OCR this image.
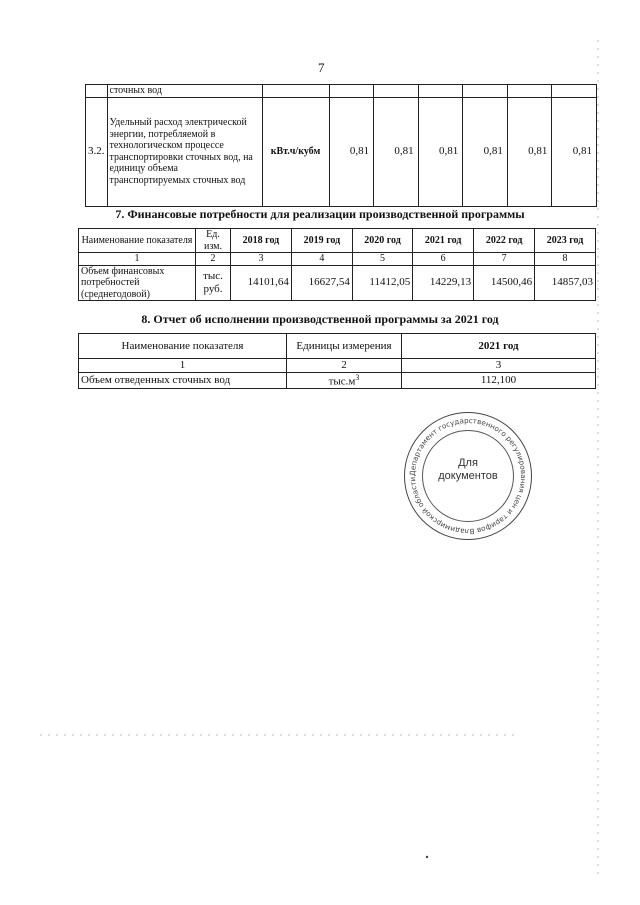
7
	сточных вод							
3.2.	Удельный расход электрической энергии, потребляемой в технологическом процессе транспортировки сточных вод, на единицу объема транспортируемых сточных вод	кВт.ч/кубм	0,81	0,81	0,81	0,81	0,81	0,81
7. Финансовые потребности для реализации производственной программы
Наименование показателя	Ед. изм.	2018 год	2019 год	2020 год	2021 год	2022 год	2023 год
1	2	3	4	5	6	7	8
Объем финансовых потребностей (среднегодовой)	тыс. руб.	14101,64	16627,54	11412,05	14229,13	14500,46	14857,03
8. Отчет об исполнении производственной программы за 2021 год
Наименование показателя	Единицы измерения	2021 год
1	2	3
Объем отведенных сточных вод	$тыс.м^3$	112,100
Департамент государственного регулирования цен и тарифов Владимирской области
Для
документов
